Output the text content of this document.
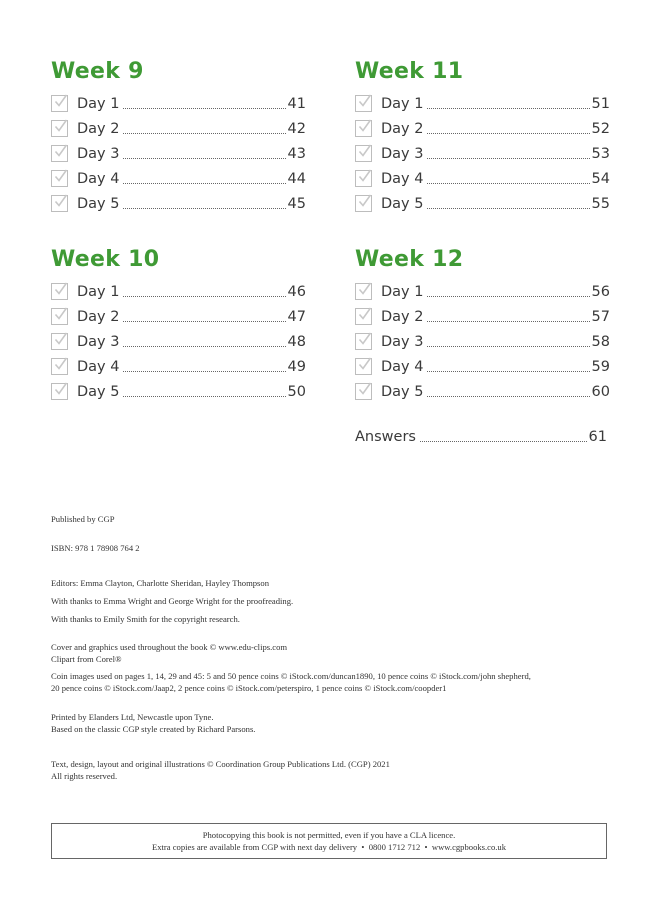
Week 9
Day 1	41
Day 2	42
Day 3	43
Day 4	44
Day 5	45
Week 10
Day 1	46
Day 2	47
Day 3	48
Day 4	49
Day 5	50
Week 11
Day 1	51
Day 2	52
Day 3	53
Day 4	54
Day 5	55
Week 12
Day 1	56
Day 2	57
Day 3	58
Day 4	59
Day 5	60
Answers	61
Published by CGP
ISBN: 978 1 78908 764 2
Editors: Emma Clayton, Charlotte Sheridan, Hayley Thompson
With thanks to Emma Wright and George Wright for the proofreading.
With thanks to Emily Smith for the copyright research.
Cover and graphics used throughout the book © www.edu-clips.com
Clipart from Corel®
Coin images used on pages 1, 14, 29 and 45: 5 and 50 pence coins © iStock.com/duncan1890, 10 pence coins © iStock.com/john shepherd,
20 pence coins © iStock.com/Jaap2, 2 pence coins © iStock.com/peterspiro, 1 pence coins © iStock.com/coopder1
Printed by Elanders Ltd, Newcastle upon Tyne.
Based on the classic CGP style created by Richard Parsons.
Text, design, layout and original illustrations © Coordination Group Publications Ltd. (CGP) 2021
All rights reserved.
Photocopying this book is not permitted, even if you have a CLA licence.
Extra copies are available from CGP with next day delivery  •  0800 1712 712  •  www.cgpbooks.co.uk
